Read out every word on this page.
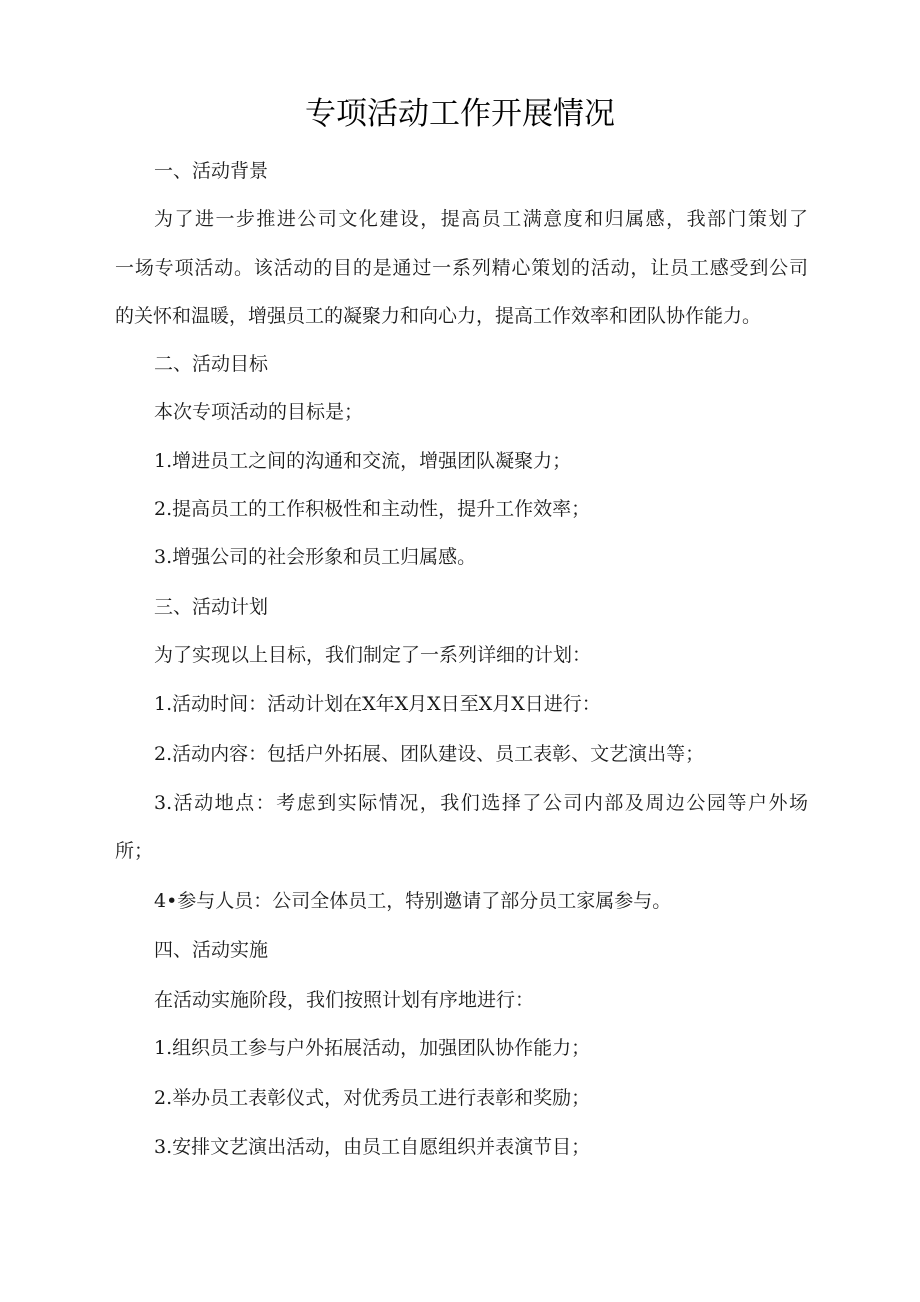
专项活动工作开展情况

一、活动背景

为了进一步推进公司文化建设，提高员工满意度和归属感，我部门策划了

一场专项活动。该活动的目的是通过一系列精心策划的活动，让员工感受到公司

的关怀和温暖，增强员工的凝聚力和向心力，提高工作效率和团队协作能力。

二、活动目标

本次专项活动的目标是；

1.增进员工之间的沟通和交流，增强团队凝聚力；

2.提高员工的工作积极性和主动性，提升工作效率；

3.增强公司的社会形象和员工归属感。

三、活动计划

为了实现以上目标，我们制定了一系列详细的计划：

1.活动时间：活动计划在X年X月X日至X月X日进行：

2.活动内容：包括户外拓展、团队建设、员工表彰、文艺演出等；

3.活动地点：考虑到实际情况，我们选择了公司内部及周边公园等户外场

所；

4•参与人员：公司全体员工，特别邀请了部分员工家属参与。

四、活动实施

在活动实施阶段，我们按照计划有序地进行：

1.组织员工参与户外拓展活动，加强团队协作能力；

2.举办员工表彰仪式，对优秀员工进行表彰和奖励；

3.安排文艺演出活动，由员工自愿组织并表演节目；
